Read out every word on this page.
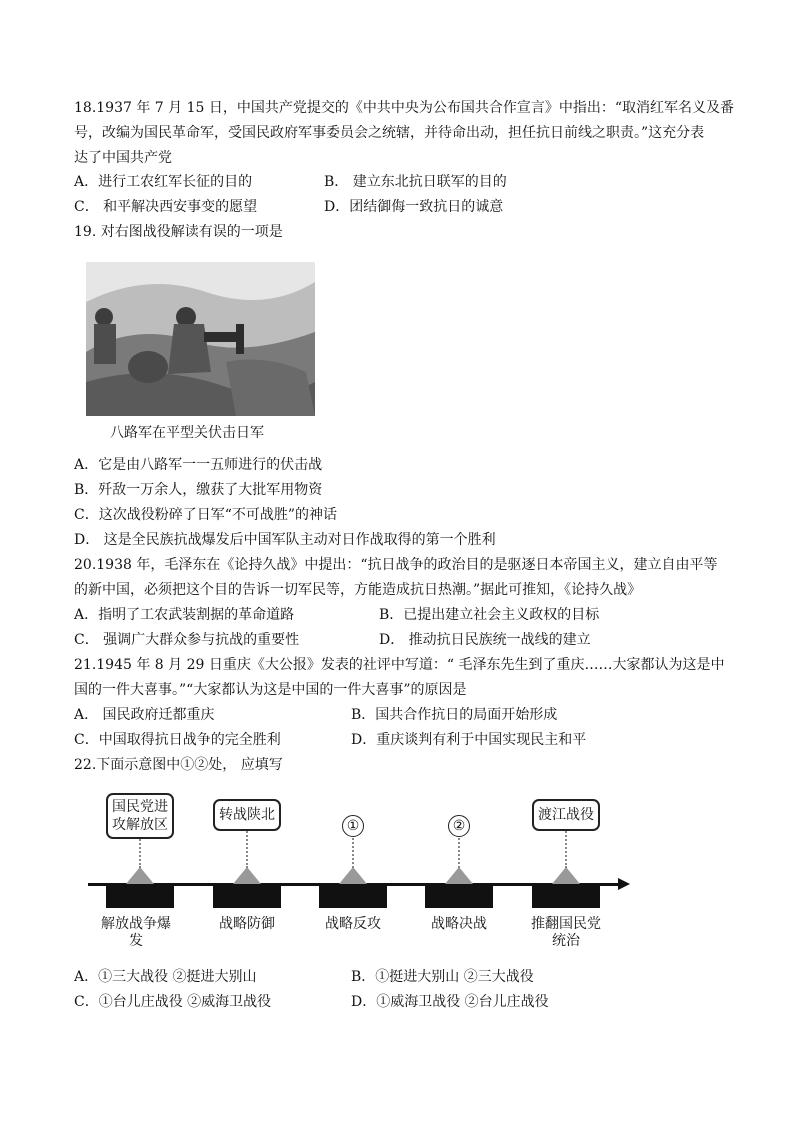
18.1937 年 7 月 15 日，中国共产党提交的《中共中央为公布国共合作宣言》中指出：“取消红军名义及番
号，改编为国民革命军，受国民政府军事委员会之统辖，并待命出动，担任抗日前线之职责。”这充分表
达了中国共产党
A．进行工农红军长征的目的	B． 建立东北抗日联军的目的
C． 和平解决西安事变的愿望	D．团结御侮一致抗日的诚意
19. 对右图战役解读有误的一项是
八路军在平型关伏击日军
A．它是由八路军一一五师进行的伏击战
B．歼敌一万余人，缴获了大批军用物资
C．这次战役粉碎了日军“不可战胜”的神话
D． 这是全民族抗战爆发后中国军队主动对日作战取得的第一个胜利
20.1938 年，毛泽东在《论持久战》中提出：“抗日战争的政治目的是驱逐日本帝国主义，建立自由平等
的新中国，必须把这个目的告诉一切军民等，方能造成抗日热潮。”据此可推知，《论持久战》
A．指明了工农武装割据的革命道路	B．已提出建立社会主义政权的目标
C． 强调广大群众参与抗战的重要性	D． 推动抗日民族统一战线的建立
21.1945 年 8 月 29 日重庆《大公报》发表的社评中写道：“ 毛泽东先生到了重庆……大家都认为这是中
国的一件大喜事。”“大家都认为这是中国的一件大喜事”的原因是
A． 国民政府迁都重庆	B．国共合作抗日的局面开始形成
C．中国取得抗日战争的完全胜利	D．重庆谈判有利于中国实现民主和平
22.下面示意图中①②处， 应填写
国民党进攻解放区
转战陕北
①	②
渡江战役
解放战争爆发
战略防御	战略反攻	战略决战	推翻国民党统治
A．①三大战役 ②挺进大别山	B．①挺进大别山 ②三大战役
C．①台儿庄战役 ②威海卫战役	D．①威海卫战役 ②台儿庄战役
